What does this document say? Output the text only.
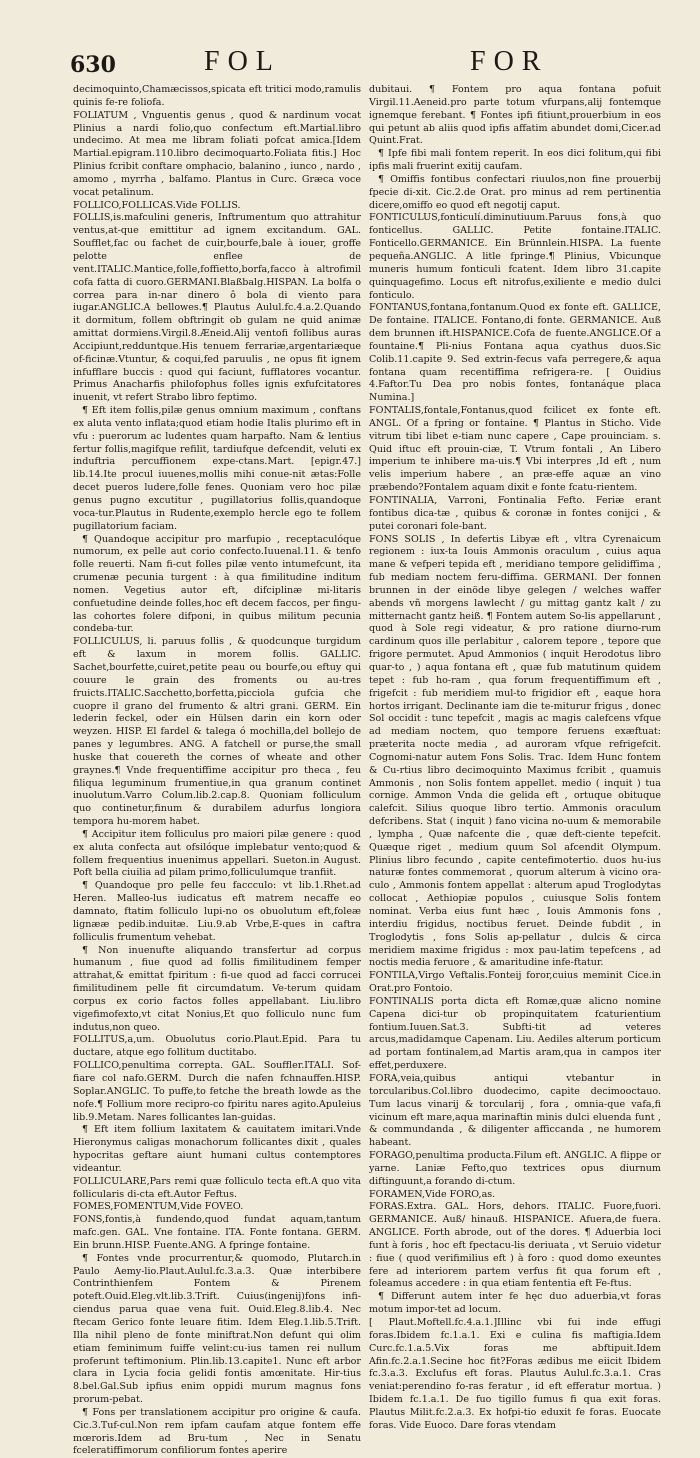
630	FOL	FOR

decimoquinto,Chamæcissos,spicata eft tritici modo,ramulis quinis fe-re foliofa.

FOLIATUM , Vnguentis genus , quod & nardinum vocat Plinius a nardi folio,quo confectum eft.Martial.libro undecimo. At mea me libram foliati pofcat amica.[Idem Martial.epigram.110.libro decimoquarto.Foliata fitis.] Hoc Plinius fcribit conftare omphacio, balanino , iunco , nardo , amomo , myrrha , balfamo. Plantus in Curc. Græca voce vocat petalinum.

FOLLICO,FOLLICAS.Vide FOLLIS.

FOLLIS,is.mafculini generis, Inftrumentum quo attrahitur ventus,at-que emittitur ad ignem excitandum. GAL. Soufflet,fac ou fachet de cuir,bourfe,bale à iouer, groffe pelotte enflee de vent.ITALIC.Mantice,folle,foffietto,borfa,facco à altrofimil cofa fatta di cuoro.GERMANI.Blaßbalg.HISPAN. La bolfa o correa para in-nar dinero ô bola di viento para iugar.ANGLIC.A bellowes.¶ Plautus Aulul.fc.4.a.2.Quando it dormitum, follem obftringit ob gulam ne quid animæ amittat dormiens.Virgil.8.Æneid.Alij ventofi follibus auras Accipiunt,redduntque.His tenuem ferrariæ,argentariæque of-ficinæ.Vtuntur, & coqui,fed paruulis , ne opus fit ignem infufflare buccis : quod qui faciunt, fufflatores vocantur. Primus Anacharfis philofophus folles ignis exfufcitatores inuenit, vt refert Strabo libro feptimo.

¶ Eft item follis,pilæ genus omnium maximum , conftans ex aluta vento inflata;quod etiam hodie Italis plurimo eft in vfu : puerorum ac ludentes quam harpafto. Nam & lentius fertur follis,magifque refilit, tardiufque defcendit, veluti ex induftria percuffionem expe-ctans.Mart. [epigr.47.] lib.14.Ite procul iuuenes,mollis mihi conue-nit ætas:Folle decet pueros ludere,folle fenes. Quoniam vero hoc pilæ genus pugno excutitur , pugillatorius follis,quandoque voca-tur.Plautus in Rudente,exemplo hercle ego te follem pugillatorium faciam.

¶ Quandoque accipitur pro marfupio , receptaculóque numorum, ex pelle aut corio confecto.Iuuenal.11. & tenfo folle reuerti. Nam fi-cut folles pilæ vento intumefcunt, ita crumenæ pecunia turgent : à qua fimilitudine inditum nomen. Vegetius autor eft, difciplinæ mi-litaris confuetudine deinde folles,hoc eft decem faccos, per fingu-las cohortes folere difponi, in quibus militum pecunia condeba-tur.

FOLLICULUS, li. paruus follis , & quodcunque turgidum eft & laxum in morem follis. GALLIC. Sachet,bourfette,cuiret,petite peau ou bourfe,ou eftuy qui couure le grain des froments ou au-tres fruicts.ITALIC.Sacchetto,borfetta,picciola gufcia che cuopre il grano del frumento & altri grani. GERM. Ein lederin feckel, oder ein Hülsen darin ein korn oder weyzen. HISP. El fardel & talega ó mochilla,del bollejo de panes y legumbres. ANG. A fatchell or purse,the small huske that couereth the cornes of wheate and other graynes.¶ Vnde frequentiffime accipitur pro theca , feu filiqua leguminum frumentiue,in qua granum continet inuolutum.Varro Colum.lib.2.cap.8. Quoniam folliculum quo continetur,finum & durabilem adurfus longiora tempora hu-morem habet.

¶ Accipitur item folliculus pro maiori pilæ genere : quod ex aluta confecta aut ofsilóque implebatur vento;quod & follem frequentius inuenimus appellari. Sueton.in August. Poft bella ciuilia ad pilam primo,folliculumque tranfiit.

¶ Quandoque pro pelle feu faccculo: vt lib.1.Rhet.ad Heren. Malleo-lus iudicatus eft matrem necaffe eo damnato, ftatim folliculo lupi-no os obuolutum eft,foleæ lignææ pedib.induitæ. Liu.9.ab Vrbe,E-ques in caftra folliculis frumentum vehebat.

¶ Non inuenufte aliquando transfertur ad corpus humanum , fiue quod ad follis fimilitudinem femper attrahat,& emittat fpiritum : fi-ue quod ad facci corrucei fimilitudinem pelle fit circumdatum. Ve-terum quidam corpus ex corio factos folles appellabant. Liu.libro vigefimofexto,vt citat Nonius,Et quo folliculo nunc fum indutus,non queo.

FOLLITUS,a,um. Obuolutus corio.Plaut.Epid. Para tu ductare, atque ego follitum ductitabo.

FOLLICO,penultima correpta. GAL. Souffler.ITALI. Sof-fiare col nafo.GERM. Durch die nafen fchnauffen.HISP. Soplar.ANGLIC. To puffe,to fetche the breath lowde as the nofe.¶ Follium more recipro-co fpiritu nares agito.Apuleius lib.9.Metam. Nares follicantes lan-guidas.

¶ Eft item follium laxitatem & cauitatem imitari.Vnde Hieronymus caligas monachorum follicantes dixit , quales hypocritas geftare aiunt humani cultus contemptores videantur.

FOLLICULARE,Pars remi quæ folliculo tecta eft.A quo vita follicularis di-cta eft.Autor Feftus.

FOMES,FOMENTUM,Vide FOVEO.

FONS,fontis,à fundendo,quod fundat aquam,tantum mafc.gen. GAL. Vne fontaine. ITA. Fonte fontana. GERM. Ein brunn.HISP. Fuente.ANG. A fpringe fontaine.

¶ Fontes vnde procurrentur,& quomodo, Plutarch.in Paulo Aemy-lio.Plaut.Aulul.fc.3.a.3. Quæ interbibere Contrinthienfem Fontem & Pirenem poteft.Ouid.Eleg.vlt.lib.3.Trift. Cuius(ingenij)fons infi-ciendus parua quae vena fuit. Ouid.Eleg.8.lib.4. Nec ftecam Gerico fonte leuare fitim. Idem Eleg.1.lib.5.Trift. Illa nihil pleno de fonte miniftrat.Non defunt qui olim etiam feminimum fuiffe velint:cu-ius tamen rei nullum proferunt teftimonium. Plin.lib.13.capite1. Nunc eft arbor clara in Lycia focia gelidi fontis amœnitate. Hir-tius 8.bel.Gal.Sub ipfius enim oppidi murum magnus fons prorum-pebat.

¶ Fons per translationem accipitur pro origine & caufa. Cic.3.Tuf-cul.Non rem ipfam caufam atque fontem effe mœroris.Idem ad Bru-tum , Nec in Senatu fceleratiffimorum confiliorum fontes aperire

dubitaui. ¶ Fontem pro aqua fontana pofuit Virgil.11.Aeneid.pro parte totum vfurpans,alij fontemque ignemque ferebant. ¶ Fontes ipfi fitiunt,prouerbium in eos qui petunt ab aliis quod ipfis affatim abundet domi,Cicer.ad Quint.Frat.

¶ Ipfe fibi mali fontem reperit. In eos dici folitum,qui fibi ipfis mali fruerint exitij caufam.

¶ Omiffis fontibus confectari riuulos,non fine prouerbij fpecie di-xit. Cic.2.de Orat. pro minus ad rem pertinentia dicere,omiffo eo quod eft negotij caput.

FONTICULUS,fonticulí.diminutiuum.Paruus fons,à quo fonticellus. GALLIC. Petite fontaine.ITALIC. Fonticello.GERMANICE. Ein Brünnlein.HISPA. La fuente pequeña.ANGLIC. A litle fpringe.¶ Plinius, Vbicunque muneris humum fonticuli fcatent. Idem libro 31.capite quinquagefimo. Locus eft nitrofus,exiliente e medio dulci fonticulo.

FONTANUS,fontana,fontanum.Quod ex fonte eft. GALLICE, De fontaine. ITALICE. Fontano,di fonte. GERMANICE. Auß dem brunnen ift.HISPANICE.Cofa de fuente.ANGLICE.Of a fountaine.¶ Pli-nius Fontana aqua cyathus duos.Sic Colib.11.capite 9. Sed extrin-fecus vafa perregere,& aqua fontana quam recentiffima refrigera-re. [ Ouidius 4.Faftor.Tu Dea pro nobis fontes, fontanáque placa Numina.]

FONTALIS,fontale,Fontanus,quod fcilicet ex fonte eft. ANGL. Of a fpring or fontaine. ¶ Plantus in Sticho. Vide vitrum tibi libet e-tiam nunc capere , Cape prouinciam. s. Quid iftuc eft prouin-ciæ, T. Vtrum fontali , An Libero imperium te inhibere ma-uis.¶ Vbi interpres ,Id eft , num velis imperium habere , an præ-effe aquæ an vino præbendo?Fontalem aquam dixit e fonte fcatu-rientem.

FONTINALIA, Varroni, Fontinalia Fefto. Feriæ erant fontibus dica-tæ , quibus & coronæ in fontes conijci , & putei coronari fole-bant.

FONS SOLIS , In defertis Libyæ eft , vltra Cyrenaicum regionem : iux-ta Iouis Ammonis oraculum , cuius aqua mane & vefperi tepida eft , meridiano tempore gelidiffima , fub mediam noctem feru-diffima. GERMANI. Der fonnen brunnen in der einöde libye gelegen / welches waffer abends vñ morgens lawlecht / gu mittag gantz kalt / zu mitternacht gantz heiß. ¶ Fontem autem So-lis appellarunt , quod à Sole regi videatur, & pro ratione diurno-rum cardinum quos ille perlabitur , calorem tepore , tepore que frigore permutet. Apud Ammonios ( inquit Herodotus libro quar-to , ) aqua fontana eft , quæ fub matutinum quidem tepet : fub ho-ram , qua forum frequentiffimum eft , frigefcit : fub meridiem mul-to frigidior eft , eaque hora hortos irrigant. Declinante iam die te-miturur frigus , donec Sol occidit : tunc tepefcit , magis ac magis calefcens vfque ad mediam noctem, quo tempore feruens exæftuat: præterita nocte media , ad auroram vfque refrigefcit. Cognomi-natur autem Fons Solis. Trac. Idem Hunc fontem & Cu-rtius libro decimoquinto Maximus fcribit , quamuis Ammonis , non Solis fontem appellet. medio ( inquit ) tua cornige. Ammon Vnda die gelida eft , ortuque obituque calefcit. Silius quoque libro tertio. Ammonis oraculum defcribens. Stat ( inquit ) fano vicina no-uum & memorabile , lympha , Quæ nafcente die , quæ deft-ciente tepefcit. Quæque riget , medium quum Sol afcendit Olympum. Plinius libro fecundo , capite centefimotertio. duos hu-ius naturæ fontes commemorat , quorum alterum à vicino ora-culo , Ammonis fontem appellat : alterum apud Troglodytas collocat , Aethiopiæ populos , cuiusque Solis fontem nominat. Verba eius funt hæc , Iouis Ammonis fons , interdiu frigidus, noctibus feruet. Deinde fubdit , in Troglodytis , fons Solis ap-pellatur , dulcis & circa meridiem maxime frigidus : mox pau-latim tepefcens , ad noctis media feruore , & amaritudine infe-ftatur.

FONTILA,Virgo Veftalis.Fonteij foror,cuius meminit Cice.in Orat.pro Fontoio.

FONTINALIS porta dicta eft Romæ,quæ alicno nomine Capena dici-tur ob propinquitatem fcaturientium fontium.Iuuen.Sat.3. Subfti-tit ad veteres arcus,madidamque Capenam. Liu. Aediles alterum porticum ad portam fontinalem,ad Martis aram,qua in campos iter effet,perduxere.

FORA,veia,quibus antiqui vtebantur in torcularibus.Col.libro duodecimo, capite decimooctauo. Tum lacus vinarij & torcularij , fora , omnia-que vafa,fi vicinum eft mare,aqua marinaftin minis dulci eluenda funt , & commundanda , & diligenter afficcanda , ne humorem habeant.

FORAGO,penultima producta.Filum eft. ANGLIC. A flippe or yarne. Laniæ Fefto,quo textrices opus diurnum diftinguunt,a forando di-ctum.

FORAMEN,Vide FORO,as.

FORAS.Extra. GAL. Hors, dehors. ITALIC. Fuore,fuori. GERMANICE. Auß/ hinauß. HISPANICE. Afuera,de fuera. ANGLICE. Forth abrode, out of the dores. ¶ Aduerbia loci funt à foris , hoc eft fpectacu-lis deriuata , vt Seruio videtur : fiue ( quod verifimilius eft ) à foro : quod domo exeuntes fere ad interiorem partem verfus fit qua forum eft , foleamus accedere : in qua etiam fententia eft Fe-ftus.

¶ Differunt autem inter fe hęc duo aduerbia,vt foras motum impor-tet ad locum.

[ Plaut.Moftell.fc.4.a.1.]Illinc vbi fui inde effugi foras.Ibidem fc.1.a.1. Exi e culina fis maftigia.Idem Curc.fc.1.a.5.Vix foras me abftipuit.Idem Afin.fc.2.a.1.Secine hoc fit?Foras ædibus me eiicit Ibidem fc.3.a.3. Exclufus eft foras. Plautus Aulul.fc.3.a.1. Cras veniat:perendino fo-ras feratur , id eft efferatur mortua. ) Ibidem fc.1.a.1. De fuo tigillo fumus fi qua exit foras. Plautus Milit.fc.2.a.3. Ex hofpi-tio eduxit fe foras. Euocate foras. Vide Euoco. Dare foras vtendam
